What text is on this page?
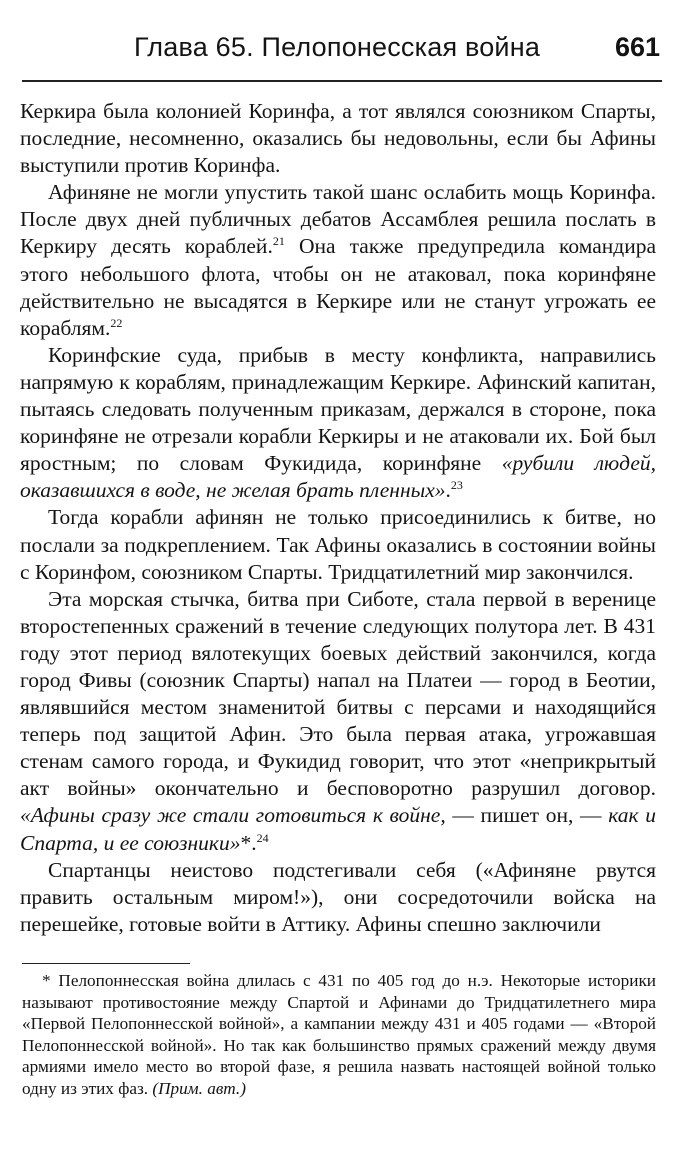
Глава 65. Пелопонесская война	661

Керкира была колонией Коринфа, а тот являлся союзником Спарты, последние, несомненно, оказались бы недовольны, если бы Афины выступили против Коринфа.

Афиняне не могли упустить такой шанс ослабить мощь Коринфа. После двух дней публичных дебатов Ассамблея решила послать в Керкиру десять кораблей.$^{21}$ Она также предупредила командира этого небольшого флота, чтобы он не атаковал, пока коринфяне действительно не высадятся в Керкире или не станут угрожать ее кораблям.$^{22}$

Коринфские суда, прибыв в месту конфликта, направились напрямую к кораблям, принадлежащим Керкире. Афинский капитан, пытаясь следовать полученным приказам, держался в стороне, пока коринфяне не отрезали корабли Керкиры и не атаковали их. Бой был яростным; по словам Фукидида, коринфяне «рубили людей, оказавшихся в воде, не желая брать пленных».$^{23}$

Тогда корабли афинян не только присоединились к битве, но послали за подкреплением. Так Афины оказались в состоянии войны с Коринфом, союзником Спарты. Тридцатилетний мир закончился.

Эта морская стычка, битва при Сиботе, стала первой в веренице второстепенных сражений в течение следующих полутора лет. В 431 году этот период вялотекущих боевых действий закончился, когда город Фивы (союзник Спарты) напал на Платеи — город в Беотии, являвшийся местом знаменитой битвы с персами и находящийся теперь под защитой Афин. Это была первая атака, угрожавшая стенам самого города, и Фукидид говорит, что этот «неприкрытый акт войны» окончательно и бесповоротно разрушил договор. «Афины сразу же стали готовиться к войне, — пишет он, — как и Спарта, и ее союзники»*.$^{24}$

Спартанцы неистово подстегивали себя («Афиняне рвутся править остальным миром!»), они сосредоточили войска на перешейке, готовые войти в Аттику. Афины спешно заключили

* Пелопоннесская война длилась с 431 по 405 год до н.э. Некоторые историки называют противостояние между Спартой и Афинами до Тридцатилетнего мира «Первой Пелопоннесской войной», а кампании между 431 и 405 годами — «Второй Пелопоннесской войной». Но так как большинство прямых сражений между двумя армиями имело место во второй фазе, я решила назвать настоящей войной только одну из этих фаз. (Прим. авт.)
